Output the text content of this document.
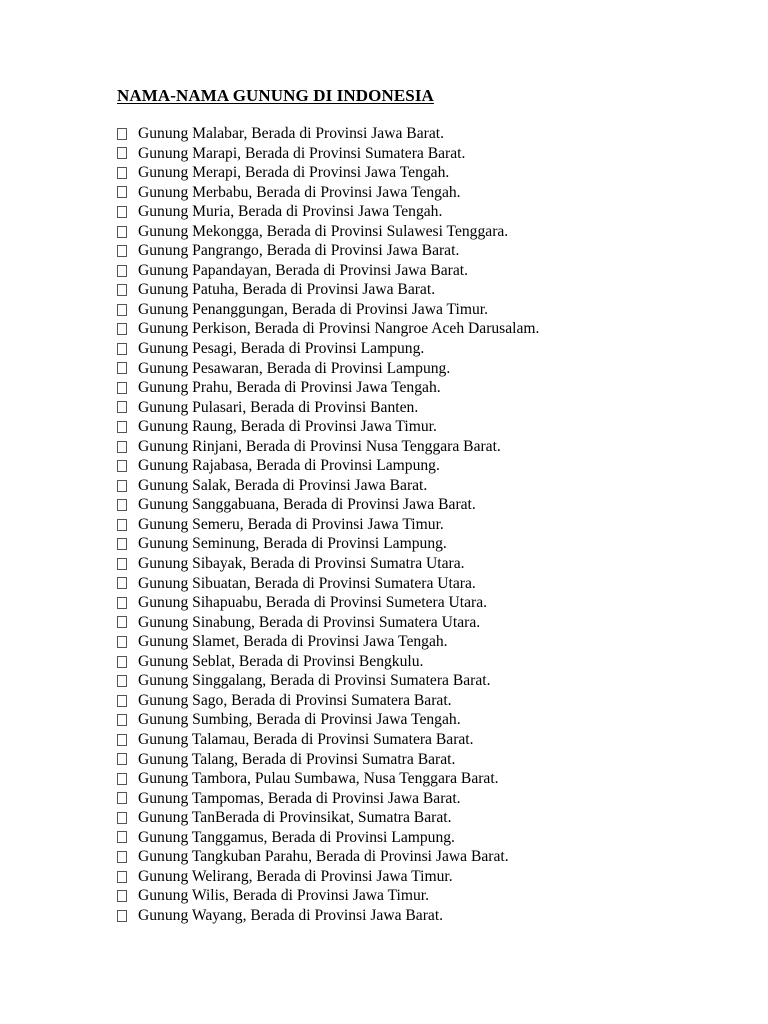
NAMA-NAMA GUNUNG DI INDONESIA
Gunung Malabar, Berada di Provinsi Jawa Barat.
Gunung Marapi, Berada di Provinsi Sumatera Barat.
Gunung Merapi, Berada di Provinsi Jawa Tengah.
Gunung Merbabu, Berada di Provinsi Jawa Tengah.
Gunung Muria, Berada di Provinsi Jawa Tengah.
Gunung Mekongga, Berada di Provinsi Sulawesi Tenggara.
Gunung Pangrango, Berada di Provinsi Jawa Barat.
Gunung Papandayan, Berada di Provinsi Jawa Barat.
Gunung Patuha, Berada di Provinsi Jawa Barat.
Gunung Penanggungan, Berada di Provinsi Jawa Timur.
Gunung Perkison, Berada di Provinsi Nangroe Aceh Darusalam.
Gunung Pesagi, Berada di Provinsi Lampung.
Gunung Pesawaran, Berada di Provinsi Lampung.
Gunung Prahu, Berada di Provinsi Jawa Tengah.
Gunung Pulasari, Berada di Provinsi Banten.
Gunung Raung, Berada di Provinsi Jawa Timur.
Gunung Rinjani, Berada di Provinsi Nusa Tenggara Barat.
Gunung Rajabasa, Berada di Provinsi Lampung.
Gunung Salak, Berada di Provinsi Jawa Barat.
Gunung Sanggabuana, Berada di Provinsi Jawa Barat.
Gunung Semeru, Berada di Provinsi Jawa Timur.
Gunung Seminung, Berada di Provinsi Lampung.
Gunung Sibayak, Berada di Provinsi Sumatra Utara.
Gunung Sibuatan, Berada di Provinsi Sumatera Utara.
Gunung Sihapuabu, Berada di Provinsi Sumetera Utara.
Gunung Sinabung, Berada di Provinsi Sumatera Utara.
Gunung Slamet, Berada di Provinsi Jawa Tengah.
Gunung Seblat, Berada di Provinsi Bengkulu.
Gunung Singgalang, Berada di Provinsi Sumatera Barat.
Gunung Sago, Berada di Provinsi Sumatera Barat.
Gunung Sumbing, Berada di Provinsi Jawa Tengah.
Gunung Talamau, Berada di Provinsi Sumatera Barat.
Gunung Talang, Berada di Provinsi Sumatra Barat.
Gunung Tambora, Pulau Sumbawa, Nusa Tenggara Barat.
Gunung Tampomas, Berada di Provinsi Jawa Barat.
Gunung TanBerada di Provinsikat, Sumatra Barat.
Gunung Tanggamus, Berada di Provinsi Lampung.
Gunung Tangkuban Parahu, Berada di Provinsi Jawa Barat.
Gunung Welirang, Berada di Provinsi Jawa Timur.
Gunung Wilis, Berada di Provinsi Jawa Timur.
Gunung Wayang, Berada di Provinsi Jawa Barat.
